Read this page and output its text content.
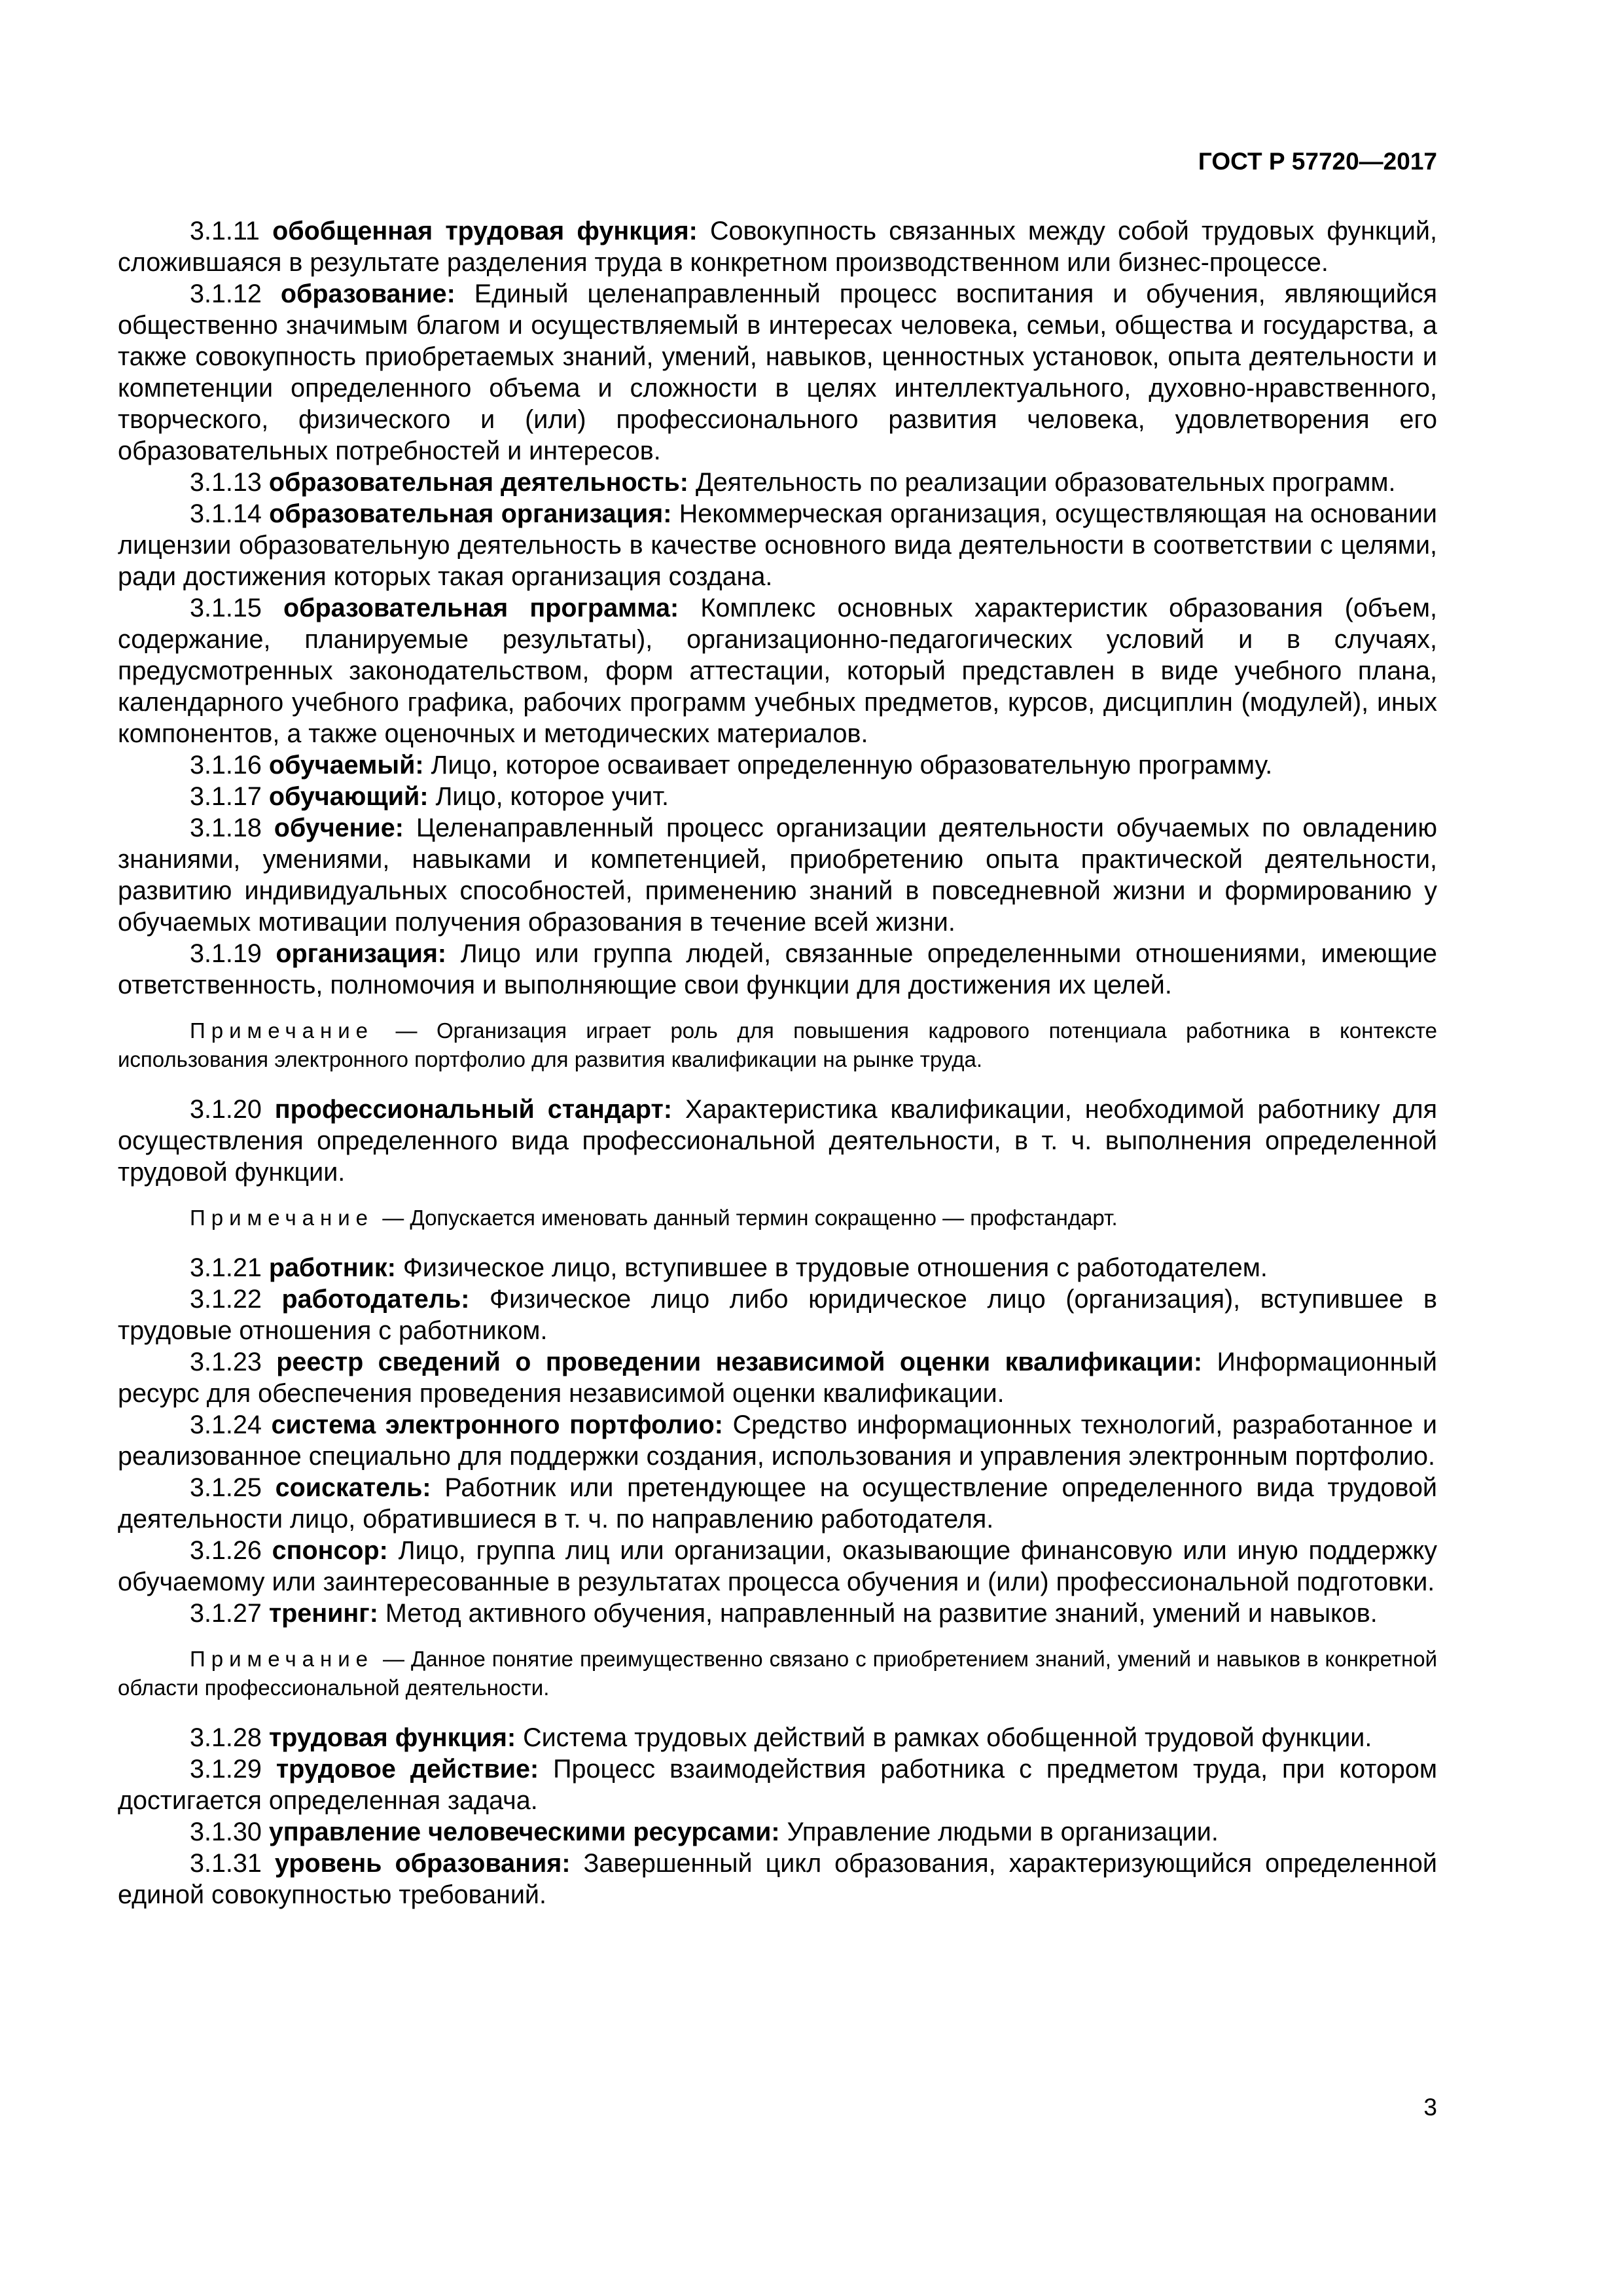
ГОСТ Р 57720—2017

3.1.11 обобщенная трудовая функция: Совокупность связанных между собой трудовых функций, сложившаяся в результате разделения труда в конкретном производственном или бизнес-процессе.

3.1.12 образование: Единый целенаправленный процесс воспитания и обучения, являющийся общественно значимым благом и осуществляемый в интересах человека, семьи, общества и государства, а также совокупность приобретаемых знаний, умений, навыков, ценностных установок, опыта деятельности и компетенции определенного объема и сложности в целях интеллектуального, духовно-нравственного, творческого, физического и (или) профессионального развития человека, удовлетворения его образовательных потребностей и интересов.

3.1.13 образовательная деятельность: Деятельность по реализации образовательных программ.

3.1.14 образовательная организация: Некоммерческая организация, осуществляющая на основании лицензии образовательную деятельность в качестве основного вида деятельности в соответствии с целями, ради достижения которых такая организация создана.

3.1.15 образовательная программа: Комплекс основных характеристик образования (объем, содержание, планируемые результаты), организационно-педагогических условий и в случаях, предусмотренных законодательством, форм аттестации, который представлен в виде учебного плана, календарного учебного графика, рабочих программ учебных предметов, курсов, дисциплин (модулей), иных компонентов, а также оценочных и методических материалов.

3.1.16 обучаемый: Лицо, которое осваивает определенную образовательную программу.

3.1.17 обучающий: Лицо, которое учит.

3.1.18 обучение: Целенаправленный процесс организации деятельности обучаемых по овладению знаниями, умениями, навыками и компетенцией, приобретению опыта практической деятельности, развитию индивидуальных способностей, применению знаний в повседневной жизни и формированию у обучаемых мотивации получения образования в течение всей жизни.

3.1.19 организация: Лицо или группа людей, связанные определенными отношениями, имеющие ответственность, полномочия и выполняющие свои функции для достижения их целей.

Примечание — Организация играет роль для повышения кадрового потенциала работника в контексте использования электронного портфолио для развития квалификации на рынке труда.

3.1.20 профессиональный стандарт: Характеристика квалификации, необходимой работнику для осуществления определенного вида профессиональной деятельности, в т. ч. выполнения определенной трудовой функции.

Примечание — Допускается именовать данный термин сокращенно — профстандарт.

3.1.21 работник: Физическое лицо, вступившее в трудовые отношения с работодателем.

3.1.22 работодатель: Физическое лицо либо юридическое лицо (организация), вступившее в трудовые отношения с работником.

3.1.23 реестр сведений о проведении независимой оценки квалификации: Информационный ресурс для обеспечения проведения независимой оценки квалификации.

3.1.24 система электронного портфолио: Средство информационных технологий, разработанное и реализованное специально для поддержки создания, использования и управления электронным портфолио.

3.1.25 соискатель: Работник или претендующее на осуществление определенного вида трудовой деятельности лицо, обратившиеся в т. ч. по направлению работодателя.

3.1.26 спонсор: Лицо, группа лиц или организации, оказывающие финансовую или иную поддержку обучаемому или заинтересованные в результатах процесса обучения и (или) профессиональной подготовки.

3.1.27 тренинг: Метод активного обучения, направленный на развитие знаний, умений и навыков.

Примечание — Данное понятие преимущественно связано с приобретением знаний, умений и навыков в конкретной области профессиональной деятельности.

3.1.28 трудовая функция: Система трудовых действий в рамках обобщенной трудовой функции.

3.1.29 трудовое действие: Процесс взаимодействия работника с предметом труда, при котором достигается определенная задача.

3.1.30 управление человеческими ресурсами: Управление людьми в организации.

3.1.31 уровень образования: Завершенный цикл образования, характеризующийся определенной единой совокупностью требований.

3
